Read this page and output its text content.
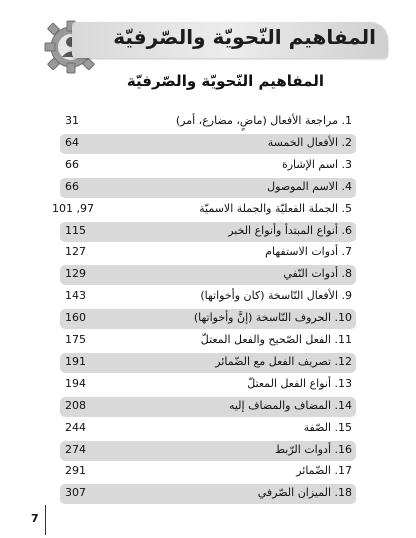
المفاهيم النّحويّة والصّرفيّة
المفاهيم النّحويّة والصّرفيّة
1. مراجعة الأفعال (ماضٍ، مضارع، أمر)
31
2. الأفعال الخمسة
64
3. اسم الإشارة
66
4. الاسم الموصول
66
5. الجملة الفعليّة والجملة الاسميّة
101 ,97
6. أنواع المبتدأ وأنواع الخبر
115
7. أدوات الاستفهام
127
8. أدوات النّفي
129
9. الأفعال النّاسخة (كان وأخواتها)
143
10. الحروف النّاسخة (إنَّ وأخواتها)
160
11. الفعل الصّحيح والفعل المعتلّ
175
12. تصريف الفعل مع الضّمائر
191
13. أنواع الفعل المعتلّ
194
14. المضاف والمضاف إليه
208
15. الصّفة
244
16. أدوات الرّبط
274
17. الضّمائر
291
18. الميزان الصّرفي
307
7
